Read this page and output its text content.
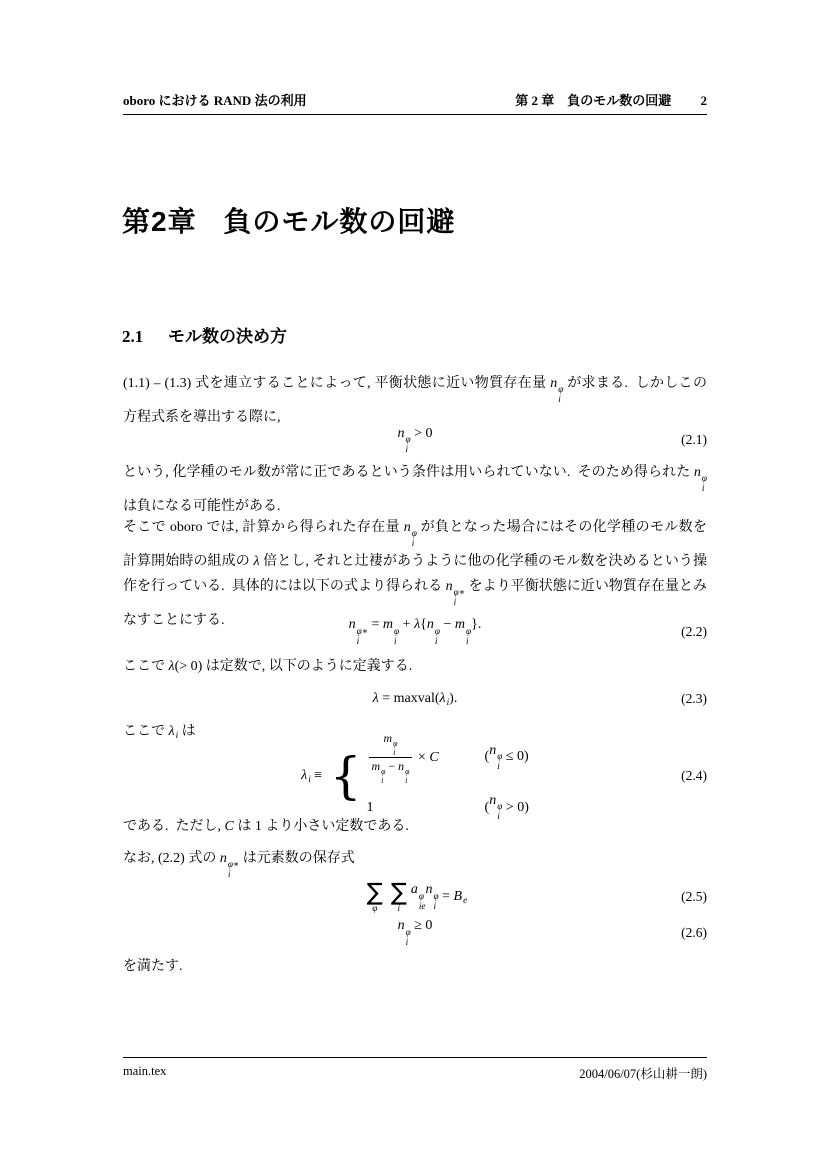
oboro における RAND 法の利用	第 2 章　負のモル数の回避 2
第2章 負のモル数の回避
2.1 モル数の決め方
(1.1) – (1.3) 式を連立することによって, 平衡状態に近い物質存在量 n φ
i
が求まる.  しかしこの方程式系を導出する際に,
n φ
i
> 0	(2.1)
という, 化学種のモル数が常に正であるという条件は用いられていない.  そのため得られた n φ
i
は負になる可能性がある.
そこで oboro では, 計算から得られた存在量 n φ
i
が負となった場合にはその化学種のモル数を計算開始時の組成の λ 倍とし, それと辻褄があうように他の化学種のモル数を決めるという操作を行っている.  具体的には以下の式より得られる n φ∗
i
をより平衡状態に近い物質存在量とみなすことにする.	n φ∗
i
= m φ
i
+ λ{n φ
i
− m φ
i
}.	(2.2)
ここで λ(> 0) は定数で, 以下のように定義する.
λ = maxval(λi).	(2.3)
ここで λi は
λi ≡ { m φ
i
m φ
i
− n φ
i × C	( n φ
i
≤ 0)
1	( n φ
i
> 0)
(2.4)
である.  ただし, C は 1 より小さい定数である.
なお, (2.2) 式の n φ∗
i
は元素数の保存式
∑
φ
∑
i
a φ
ie
n φ
i
= Be	(2.5)
n φ
i
≥ 0	(2.6)
を満たす.
main.tex	2004/06/07(杉山耕一朗)
